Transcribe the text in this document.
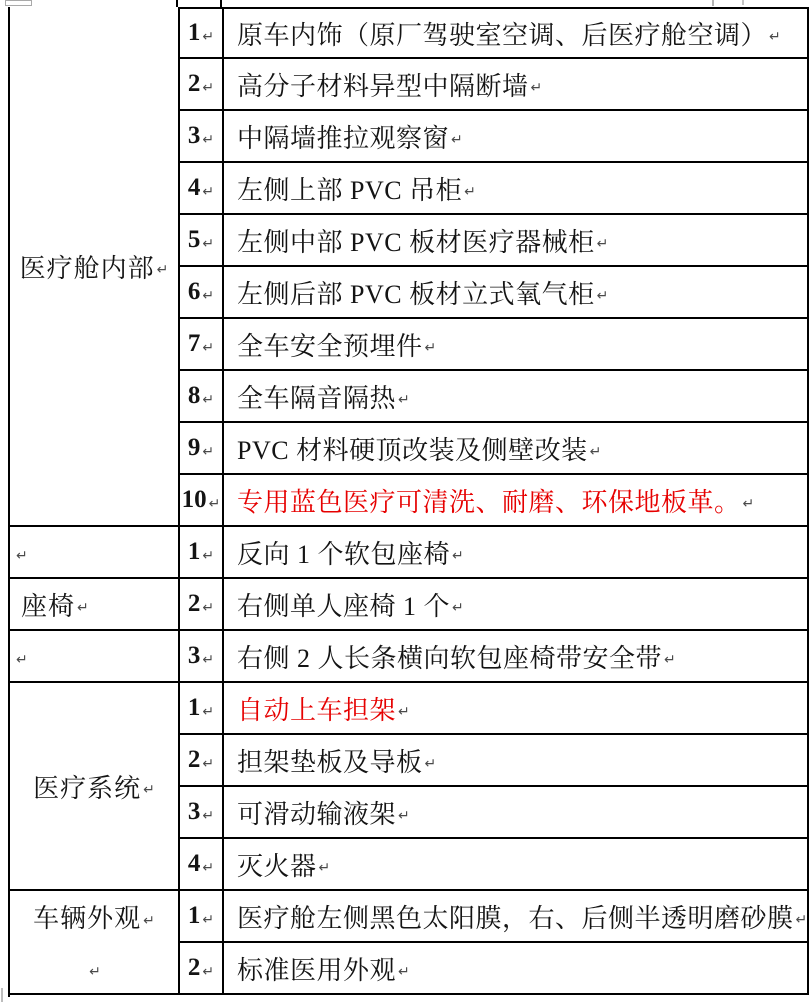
医疗舱内部 ↵
↵
座椅 ↵
↵
医疗系统 ↵
车辆外观 ↵
↵
1 ↵
2 ↵
3 ↵
4 ↵
5 ↵
6 ↵
7 ↵
8 ↵
9 ↵
10 ↵
1 ↵
2 ↵
3 ↵
1 ↵
2 ↵
3 ↵
4 ↵
1 ↵
2 ↵
原车内饰（原厂驾驶室空调、后医疗舱空调） ↵
高分子材料异型中隔断墙 ↵
中隔墙推拉观察窗 ↵
左侧上部 PVC 吊柜 ↵
左侧中部 PVC 板材医疗器械柜 ↵
左侧后部 PVC 板材立式氧气柜 ↵
全车安全预埋件 ↵
全车隔音隔热 ↵
PVC 材料硬顶改装及侧壁改装 ↵
专用蓝色医疗可清洗、耐磨、环保地板革。 ↵
反向 1 个软包座椅 ↵
右侧单人座椅 1 个 ↵
右侧 2 人长条横向软包座椅带安全带 ↵
自动上车担架 ↵
担架垫板及导板 ↵
可滑动输液架 ↵
灭火器 ↵
医疗舱左侧黑色太阳膜，右、后侧半透明磨砂膜 ↵
标准医用外观 ↵
